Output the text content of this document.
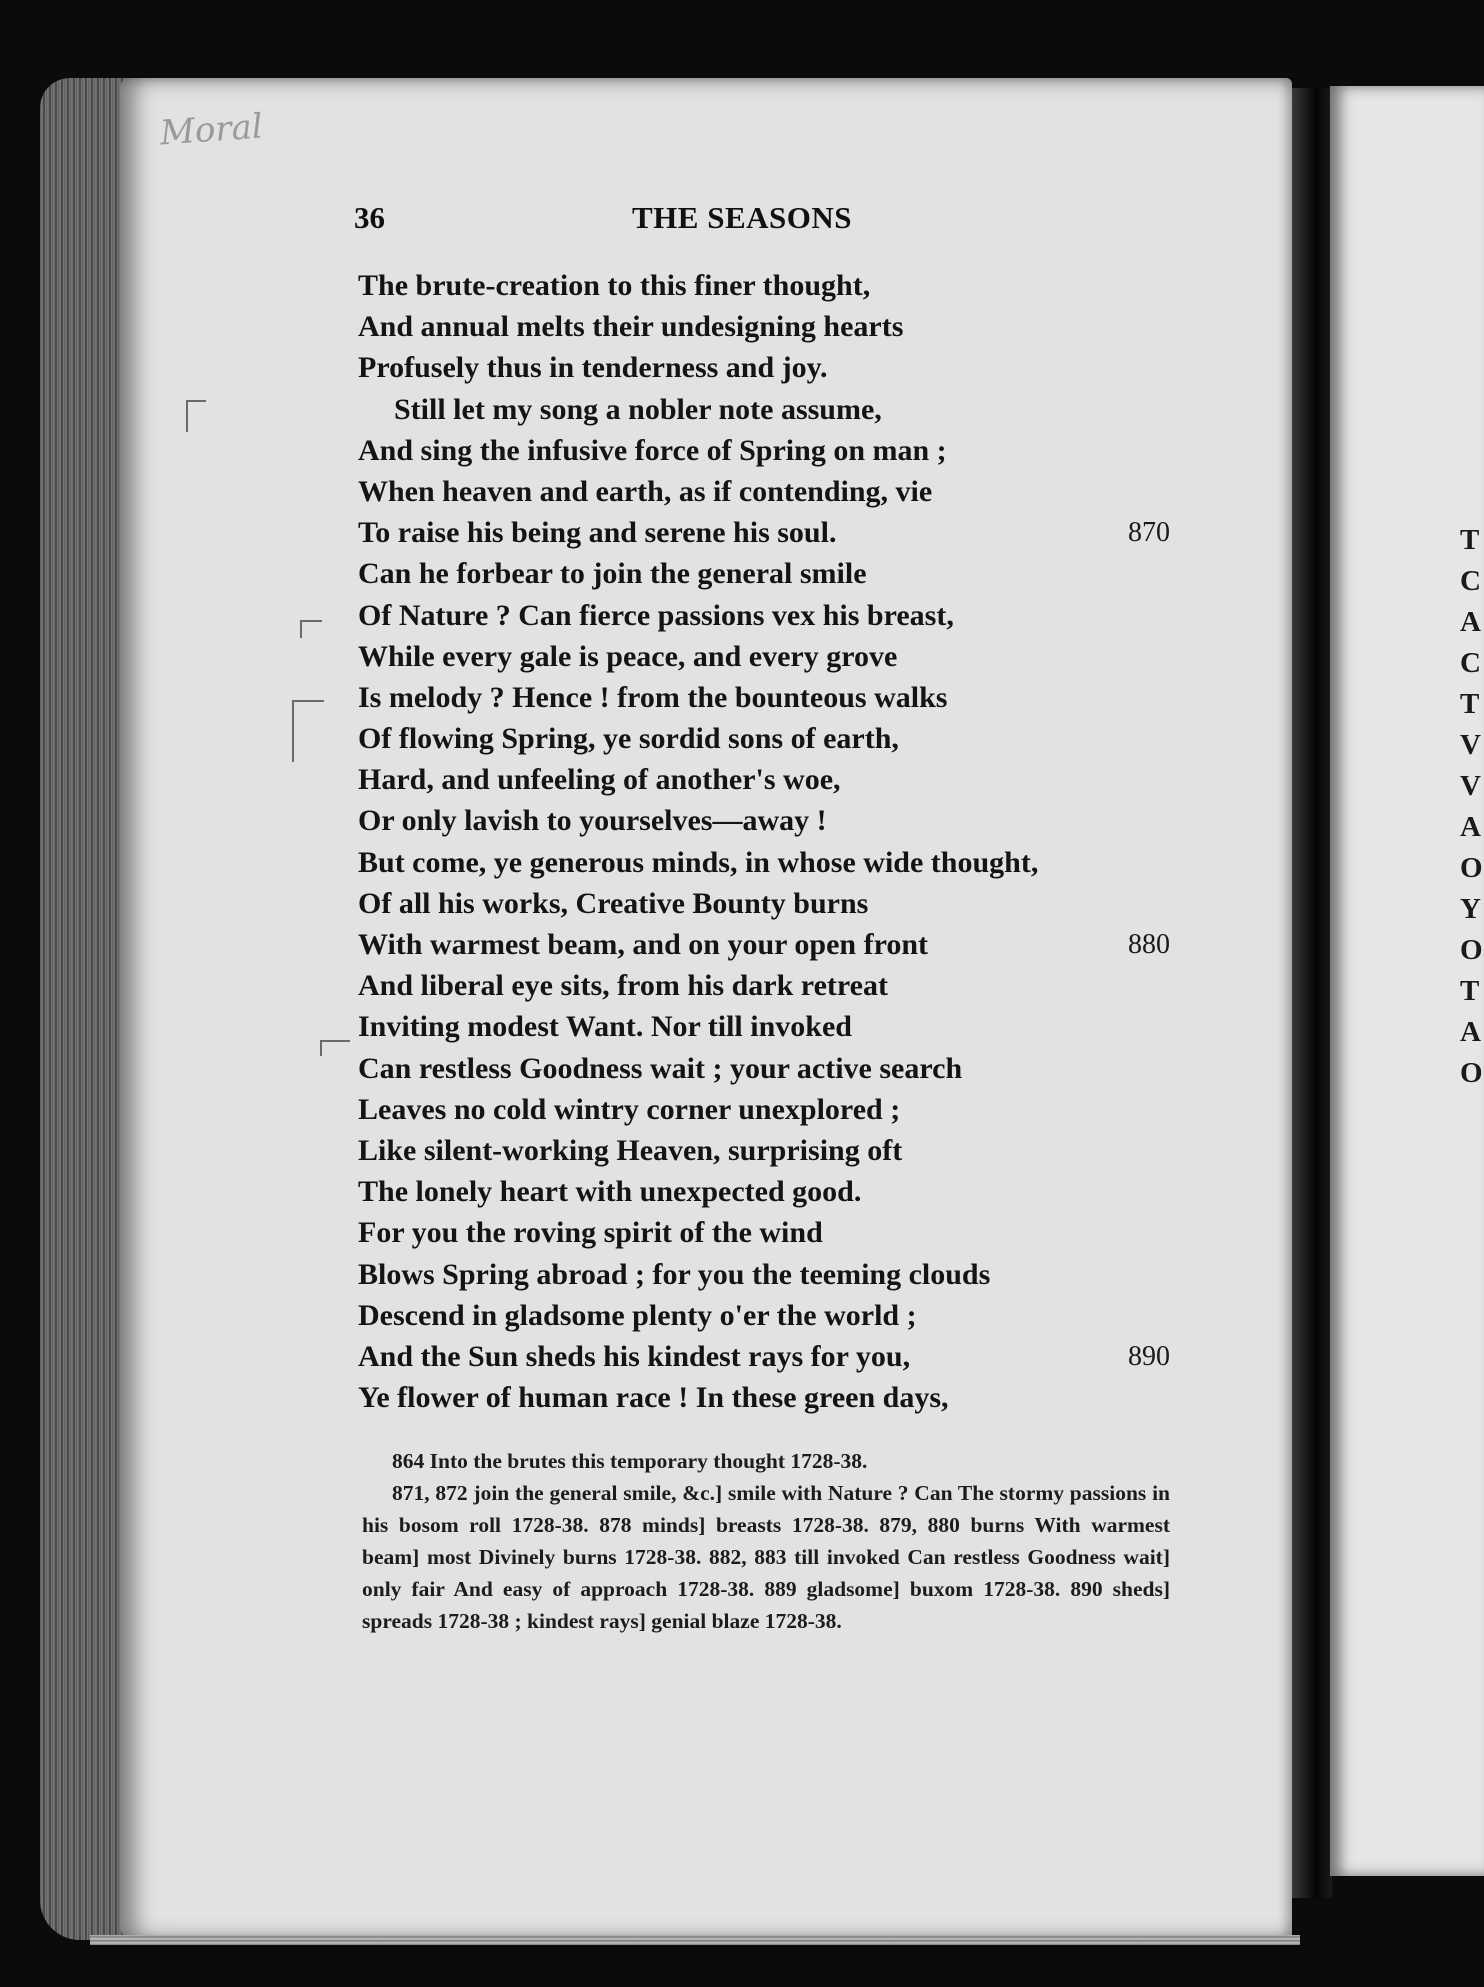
T
C
A
C
T
V
V
A
O
Y
O
T
A
O
Moral
36	THE SEASONS
The brute-creation to this finer thought,
And annual melts their undesigning hearts
Profusely thus in tenderness and joy.
Still let my song a nobler note assume,
And sing the infusive force of Spring on man ;
When heaven and earth, as if contending, vie
To raise his being and serene his soul.	870
Can he forbear to join the general smile
Of Nature ? Can fierce passions vex his breast,
While every gale is peace, and every grove
Is melody ? Hence ! from the bounteous walks
Of flowing Spring, ye sordid sons of earth,
Hard, and unfeeling of another's woe,
Or only lavish to yourselves—away !
But come, ye generous minds, in whose wide thought,
Of all his works, Creative Bounty burns
With warmest beam, and on your open front	880
And liberal eye sits, from his dark retreat
Inviting modest Want. Nor till invoked
Can restless Goodness wait ; your active search
Leaves no cold wintry corner unexplored ;
Like silent-working Heaven, surprising oft
The lonely heart with unexpected good.
For you the roving spirit of the wind
Blows Spring abroad ; for you the teeming clouds
Descend in gladsome plenty o'er the world ;
And the Sun sheds his kindest rays for you,	890
Ye flower of human race ! In these green days,

864 Into the brutes this temporary thought 1728-38.

871, 872 join the general smile, &c.] smile with Nature ? Can The stormy passions in his bosom roll 1728-38. 878 minds] breasts 1728-38. 879, 880 burns With warmest beam] most Divinely burns 1728-38. 882, 883 till invoked Can restless Goodness wait] only fair And easy of approach 1728-38. 889 gladsome] buxom 1728-38. 890 sheds] spreads 1728-38 ; kindest rays] genial blaze 1728-38.
